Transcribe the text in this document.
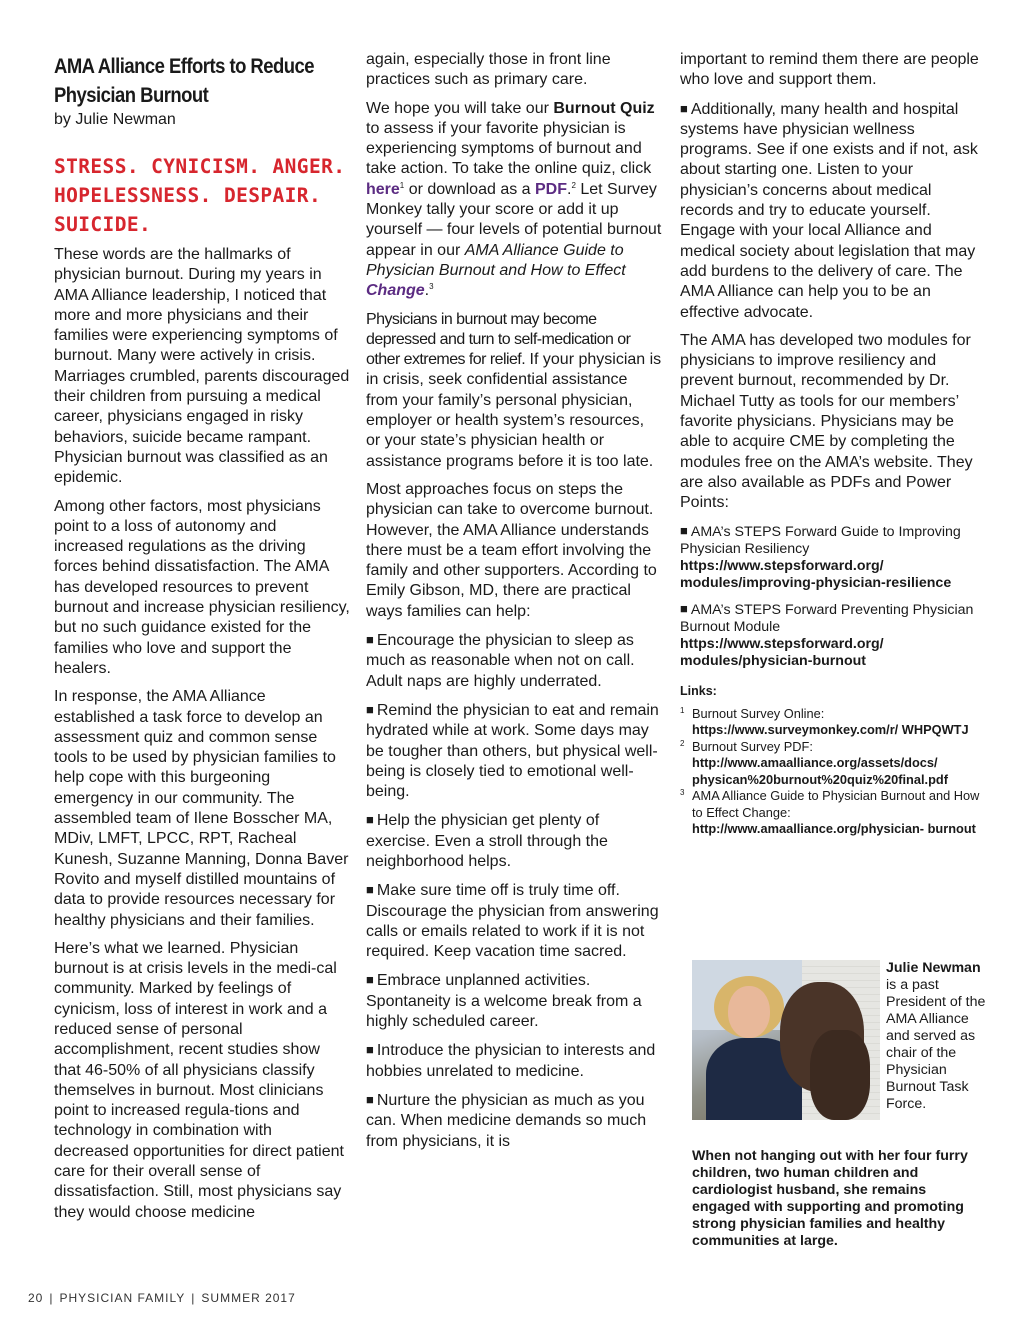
AMA Alliance Efforts to Reduce Physician Burnout
by Julie Newman
STRESS. CYNICISM. ANGER. HOPELESSNESS. DESPAIR. SUICIDE.

These words are the hallmarks of physician burnout. During my years in AMA Alliance leadership, I noticed that more and more physicians and their families were experiencing symptoms of burnout. Many were actively in crisis. Marriages crumbled, parents discouraged their children from pursuing a medical career, physicians engaged in risky behaviors, suicide became rampant. Physician burnout was classified as an epidemic.

Among other factors, most physicians point to a loss of autonomy and increased regulations as the driving forces behind dissatisfaction. The AMA has developed resources to prevent burnout and increase physician resiliency, but no such guidance existed for the families who love and support the healers.

In response, the AMA Alliance established a task force to develop an assessment quiz and common sense tools to be used by physician families to help cope with this burgeoning emergency in our community. The assembled team of Ilene Bosscher MA, MDiv, LMFT, LPCC, RPT, Racheal Kunesh, Suzanne Manning, Donna Baver Rovito and myself distilled mountains of data to provide resources necessary for healthy physicians and their families.

Here’s what we learned. Physician burnout is at crisis levels in the medi-cal community. Marked by feelings of cynicism, loss of interest in work and a reduced sense of personal accomplishment, recent studies show that 46-50% of all physicians classify themselves in burnout. Most clinicians point to increased regula-tions and technology in combination with decreased opportunities for direct patient care for their overall sense of dissatisfaction. Still, most physicians say they would choose medicine

again, especially those in front line practices such as primary care.

We hope you will take our Burnout Quiz to assess if your favorite physician is experiencing symptoms of burnout and take action. To take the online quiz, click here$^1$ or download as a PDF.$^2$ Let Survey Monkey tally your score or add it up yourself — four levels of potential burnout appear in our AMA Alliance Guide to Physician Burnout and How to Effect Change.$^3$

Physicians in burnout may become depressed and turn to self-medication or other extremes for relief. If your physician is in crisis, seek confidential assistance from your family’s personal physician, employer or health system’s resources, or your state’s physician health or assistance programs before it is too late.

Most approaches focus on steps the physician can take to overcome burnout. However, the AMA Alliance understands there must be a team effort involving the family and other supporters. According to Emily Gibson, MD, there are practical ways families can help:

■ Encourage the physician to sleep as much as reasonable when not on call. Adult naps are highly underrated.

■ Remind the physician to eat and remain hydrated while at work. Some days may be tougher than others, but physical well-being is closely tied to emotional well-being.

■ Help the physician get plenty of exercise. Even a stroll through the neighborhood helps.

■ Make sure time off is truly time off. Discourage the physician from answering calls or emails related to work if it is not required. Keep vacation time sacred.

■ Embrace unplanned activities. Spontaneity is a welcome break from a highly scheduled career.

■ Introduce the physician to interests and hobbies unrelated to medicine.

■ Nurture the physician as much as you can. When medicine demands so much from physicians, it is

important to remind them there are people who love and support them.

■ Additionally, many health and hospital systems have physician wellness programs. See if one exists and if not, ask about starting one. Listen to your physician’s concerns about medical records and try to educate yourself. Engage with your local Alliance and medical society about legislation that may add burdens to the delivery of care. The AMA Alliance can help you to be an effective advocate.

The AMA has developed two modules for physicians to improve resiliency and prevent burnout, recommended by Dr. Michael Tutty as tools for our members’ favorite physicians. Physicians may be able to acquire CME by completing the modules free on the AMA’s website. They are also available as PDFs and Power Points:

■ AMA’s STEPS Forward Guide to Improving Physician Resiliency
https://www.stepsforward.org/ modules/improving-physician-resilience
■ AMA’s STEPS Forward Preventing Physician Burnout Module
https://www.stepsforward.org/ modules/physician-burnout
Links:
1 Burnout Survey Online:
https://www.surveymonkey.com/r/ WHPQWTJ
2 Burnout Survey PDF:
http://www.amaalliance.org/assets/docs/ physican%20burnout%20quiz%20final.pdf
3 AMA Alliance Guide to Physician Burnout and How to Effect Change:
http://www.amaalliance.org/physician- burnout
Julie Newman
is a past President of the AMA Alliance and served as chair of the Physician Burnout Task Force.
When not hanging out with her four furry children, two human children and cardiologist husband, she remains engaged with supporting and promoting strong physician families and healthy communities at large.
20 | PHYSICIAN FAMILY | SUMMER 2017
